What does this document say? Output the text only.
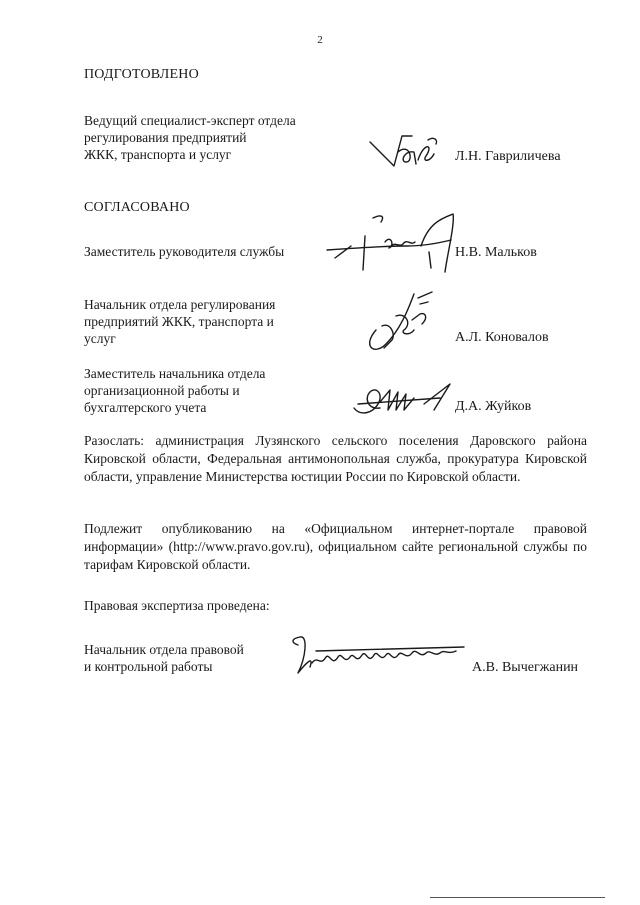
2
ПОДГОТОВЛЕНО
Ведущий специалист-эксперт отдела
регулирования предприятий
ЖКК, транспорта и услуг	Л.Н. Гавриличева
СОГЛАСОВАНО
Заместитель руководителя службы	Н.В. Мальков
Начальник отдела регулирования
предприятий ЖКК, транспорта и
услуг	А.Л. Коновалов
Заместитель начальника отдела
организационной работы и
бухгалтерского учета	Д.А. Жуйков
Разослать: администрация Лузянского сельского поселения Даровского района Кировской области, Федеральная антимонопольная служба, прокуратура Кировской области, управление Министерства юстиции России по Кировской области.
Подлежит опубликованию на «Официальном интернет-портале правовой информации» (http://www.pravo.gov.ru), официальном сайте региональной службы по тарифам Кировской области.
Правовая экспертиза проведена:
Начальник отдела правовой
и контрольной работы	А.В. Вычегжанин
